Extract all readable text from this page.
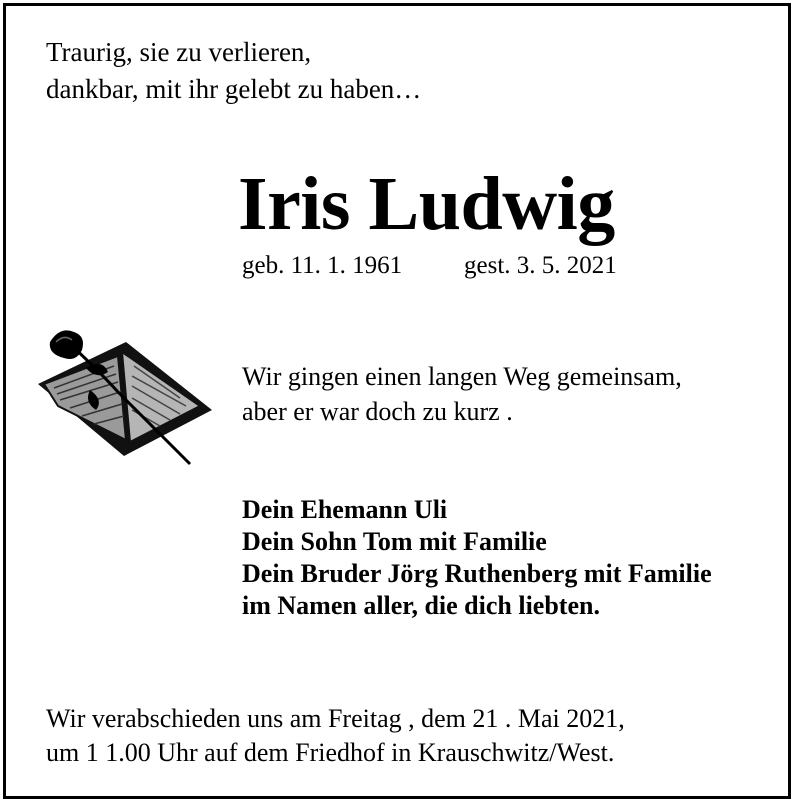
Traurig, sie zu verlieren,
dankbar, mit ihr gelebt zu haben…
Iris Ludwig
geb. 11. 1. 1961 gest. 3. 5. 2021
Wir gingen einen langen Weg gemeinsam,
aber er war doch zu kurz .
Dein Ehemann Uli
Dein Sohn Tom mit Familie
Dein Bruder Jörg Ruthenberg mit Familie
im Namen aller, die dich liebten.
Wir verabschieden uns am Freitag , dem 21 . Mai 2021,
um 1 1.00 Uhr auf dem Friedhof in Krauschwitz/West.
